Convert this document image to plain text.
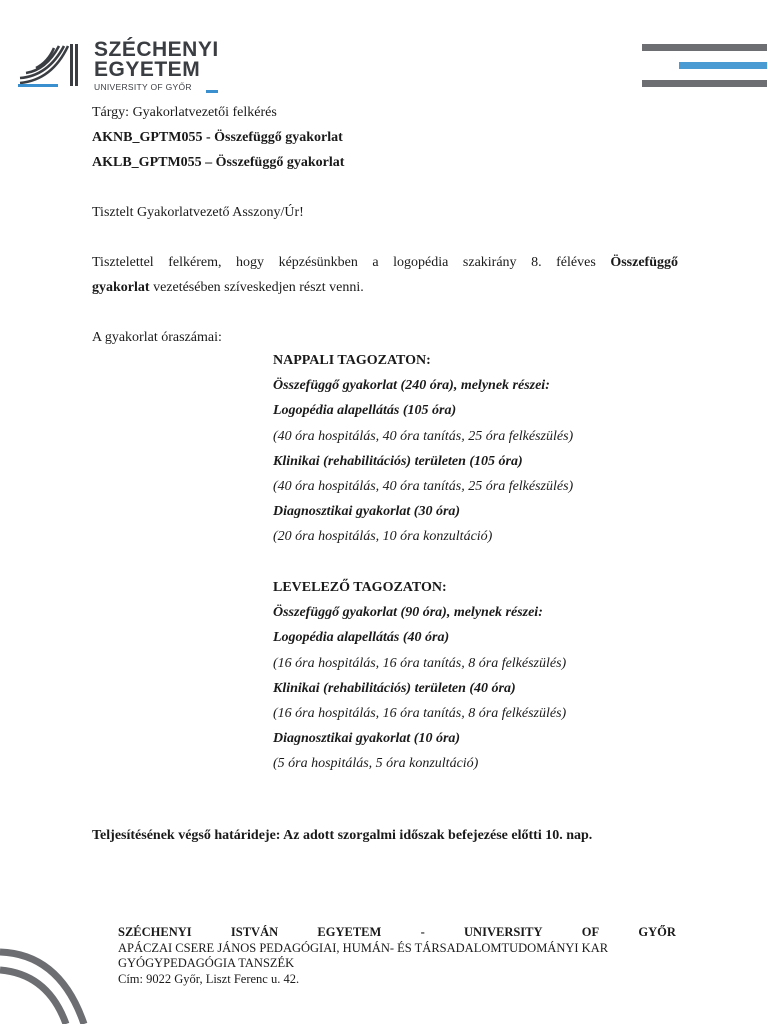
SZÉCHENYI
EGYETEM
UNIVERSITY OF GYŐR
Tárgy: Gyakorlatvezetői felkérés
AKNB_GPTM055 - Összefüggő gyakorlat
AKLB_GPTM055 – Összefüggő gyakorlat
Tisztelt Gyakorlatvezető Asszony/Úr!
Tisztelettel felkérem, hogy képzésünkben a logopédia szakirány 8. féléves Összefüggő
gyakorlat vezetésében szíveskedjen részt venni.
A gyakorlat óraszámai:
NAPPALI TAGOZATON:
Összefüggő gyakorlat (240 óra), melynek részei:
Logopédia alapellátás (105 óra)
(40 óra hospitálás, 40 óra tanítás, 25 óra felkészülés)
Klinikai (rehabilitációs) területen (105 óra)
(40 óra hospitálás, 40 óra tanítás, 25 óra felkészülés)
Diagnosztikai gyakorlat (30 óra)
(20 óra hospitálás, 10 óra konzultáció)
LEVELEZŐ TAGOZATON:
Összefüggő gyakorlat (90 óra), melynek részei:
Logopédia alapellátás (40 óra)
(16 óra hospitálás, 16 óra tanítás, 8 óra felkészülés)
Klinikai (rehabilitációs) területen (40 óra)
(16 óra hospitálás, 16 óra tanítás, 8 óra felkészülés)
Diagnosztikai gyakorlat (10 óra)
(5 óra hospitálás, 5 óra konzultáció)
Teljesítésének végső határideje: Az adott szorgalmi időszak befejezése előtti 10. nap.
SZÉCHENYI	ISTVÁN	EGYETEM	-	UNIVERSITY	OF	GYŐR
APÁCZAI CSERE JÁNOS PEDAGÓGIAI, HUMÁN- ÉS TÁRSADALOMTUDOMÁNYI KAR
GYÓGYPEDAGÓGIA TANSZÉK
Cím: 9022 Győr, Liszt Ferenc u. 42.
